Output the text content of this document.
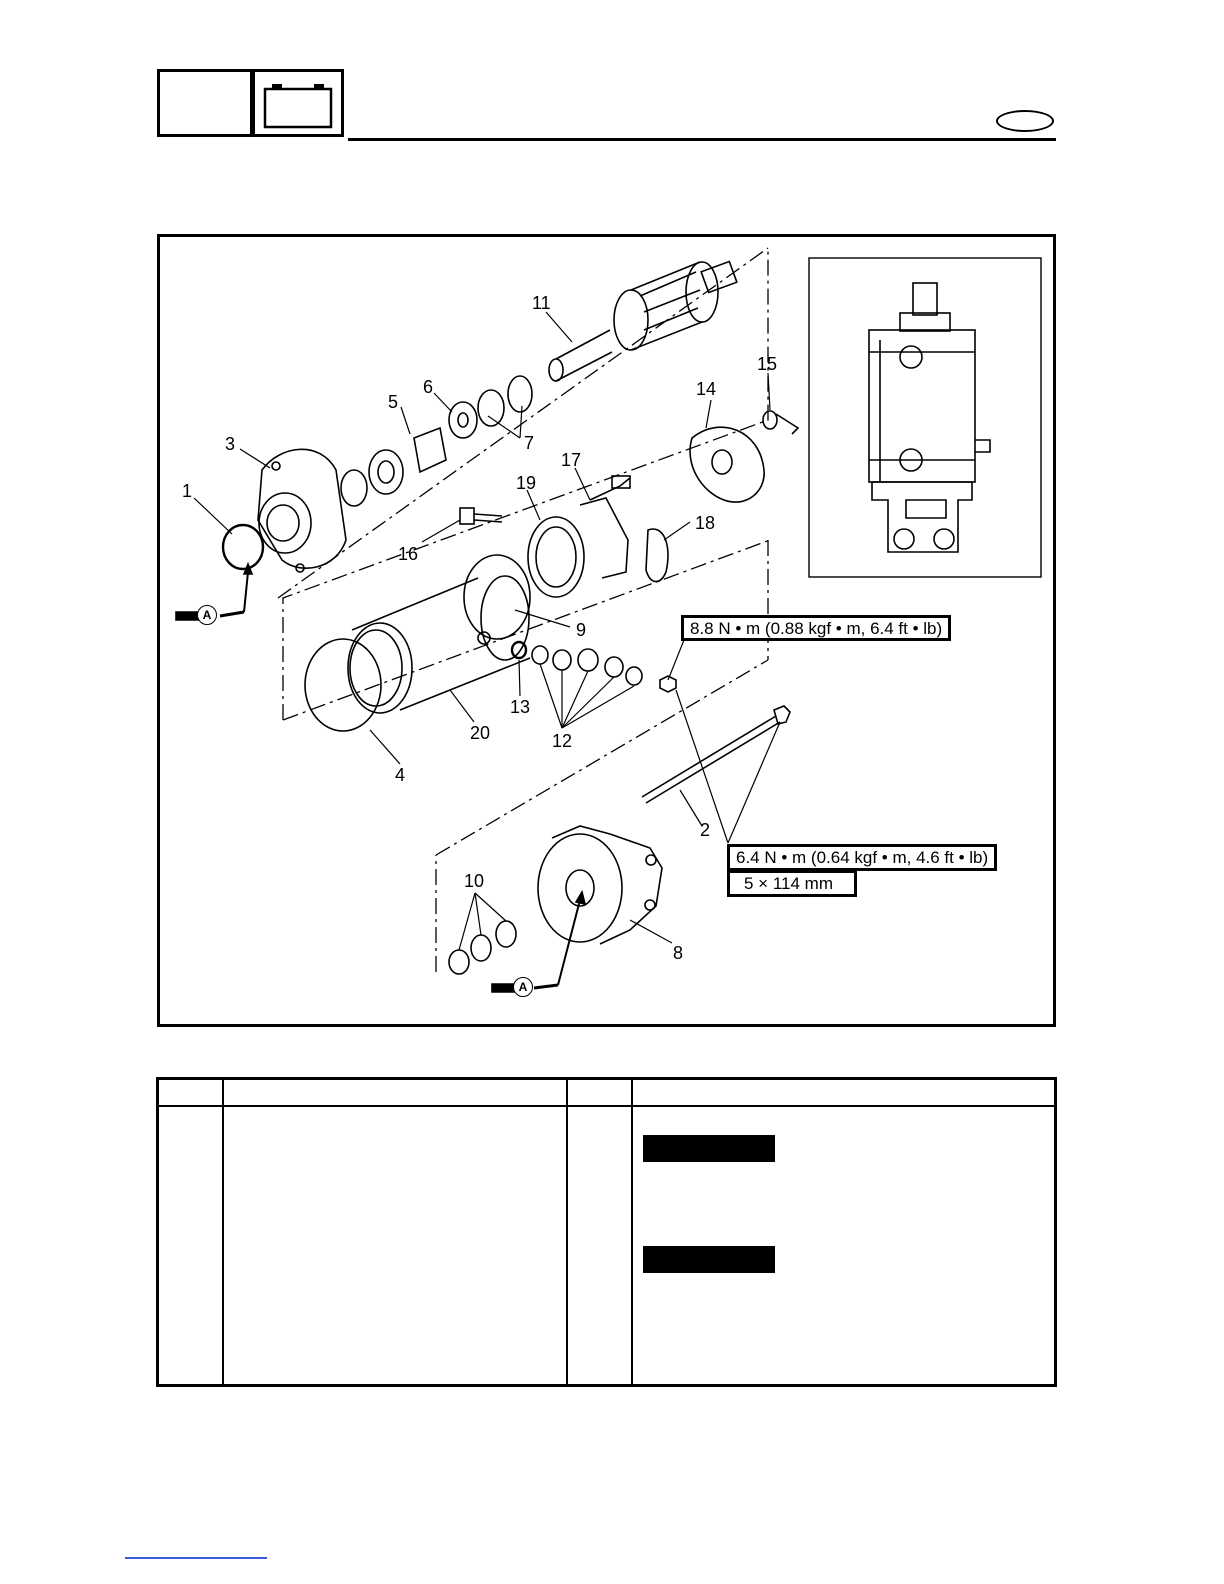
A
A
1
2
3
4
5
6
7
8
9
10
11
12
13
14
15
16
17
18
19
20
8.8 N • m (0.88 kgf • m, 6.4 ft • lb)
6.4 N • m (0.64 kgf • m, 4.6 ft • lb)
5 × 114 mm
